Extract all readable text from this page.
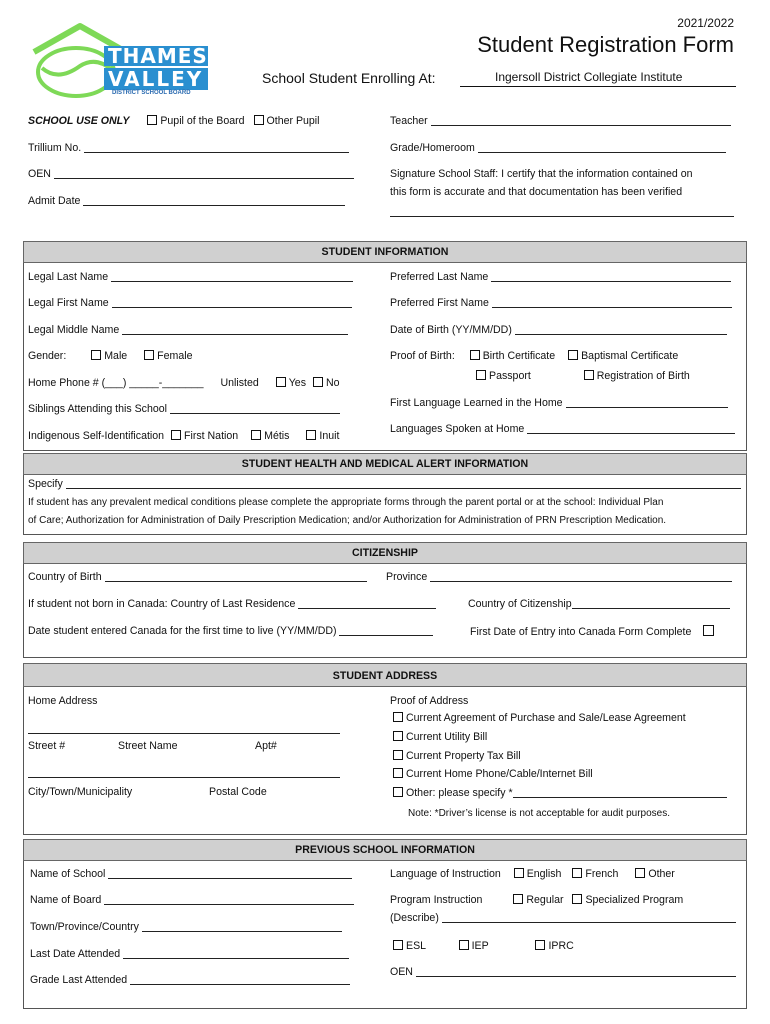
THAMES
VALLEY
DISTRICT SCHOOL BOARD
2021/2022
Student Registration Form
School Student Enrolling At:	Ingersoll District Collegiate Institute
SCHOOL USE ONLY	Pupil of the Board Other Pupil
Trillium No.
OEN
Admit Date
Teacher
Grade/Homeroom
Signature School Staff: I certify that the information contained on
this form is accurate and that documentation has been verified
STUDENT INFORMATION
Legal Last Name
Legal First Name
Legal Middle Name
Gender:	Male	Female
Home Phone # (___) _____-_______ Unlisted	Yes No
Siblings Attending this School
Indigenous Self-Identification First Nation Métis	Inuit
Preferred Last Name
Preferred First Name
Date of Birth (YY/MM/DD)
Proof of Birth:	Birth Certificate Baptismal Certificate
Passport	Registration of Birth
First Language Learned in the Home
Languages Spoken at Home
STUDENT HEALTH AND MEDICAL ALERT INFORMATION
Specify
If student has any prevalent medical conditions please complete the appropriate forms through the parent portal or at the school: Individual Plan
of Care; Authorization for Administration of Daily Prescription Medication; and/or Authorization for Administration of PRN Prescription Medication.
CITIZENSHIP
Country of Birth	Province
If student not born in Canada: Country of Last Residence	Country of Citizenship
Date student entered Canada for the first time to live (YY/MM/DD)	First Date of Entry into Canada Form Complete
STUDENT ADDRESS
Home Address
Street #	Street Name	Apt#
City/Town/Municipality	Postal Code
Proof of Address
Current Agreement of Purchase and Sale/Lease Agreement
Current Utility Bill
Current Property Tax Bill
Current Home Phone/Cable/Internet Bill
Other: please specify *
Note: *Driver’s license is not acceptable for audit purposes.
PREVIOUS SCHOOL INFORMATION
Name of School
Name of Board
Town/Province/Country
Last Date Attended
Grade Last Attended
Language of Instruction English French	Other
Program Instruction	Regular Specialized Program
(Describe)
ESL	IEP	IPRC
OEN
